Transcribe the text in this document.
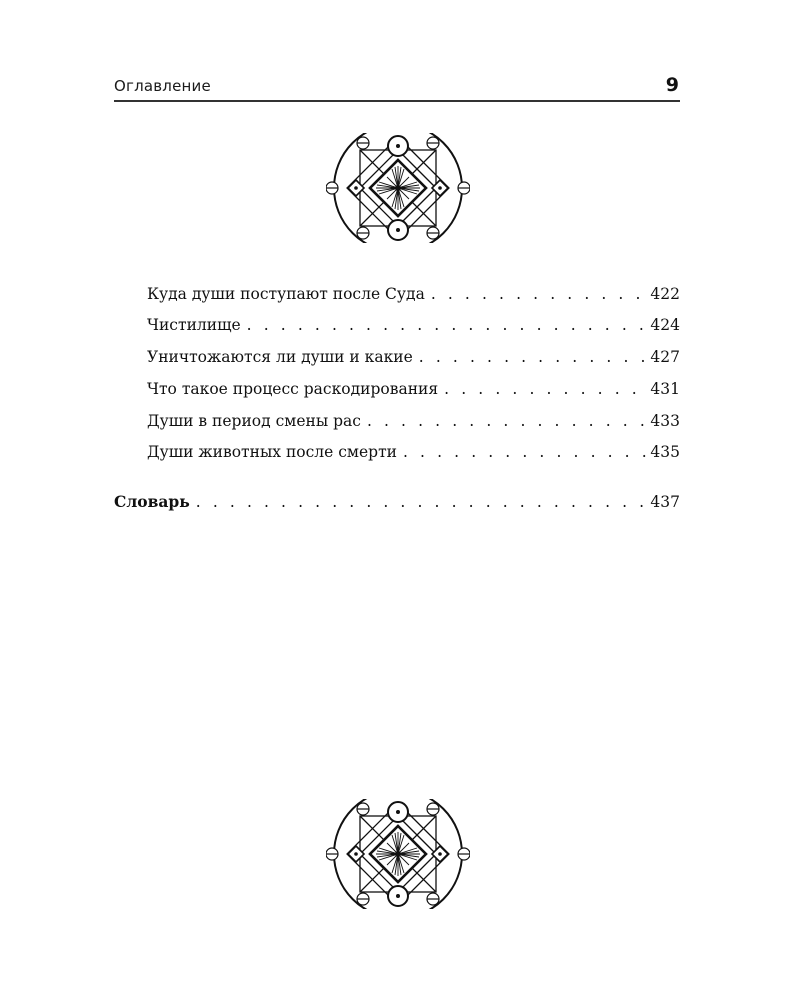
Оглавление	9
Куда души поступают после Суда . . .	422
Чистилище . . .	424
Уничтожаются ли души и какие . . .	427
Что такое процесс раскодирования . . .	431
Души в период смены рас . . .	433
Души животных после смерти . . .	435
Словарь . . .	437
